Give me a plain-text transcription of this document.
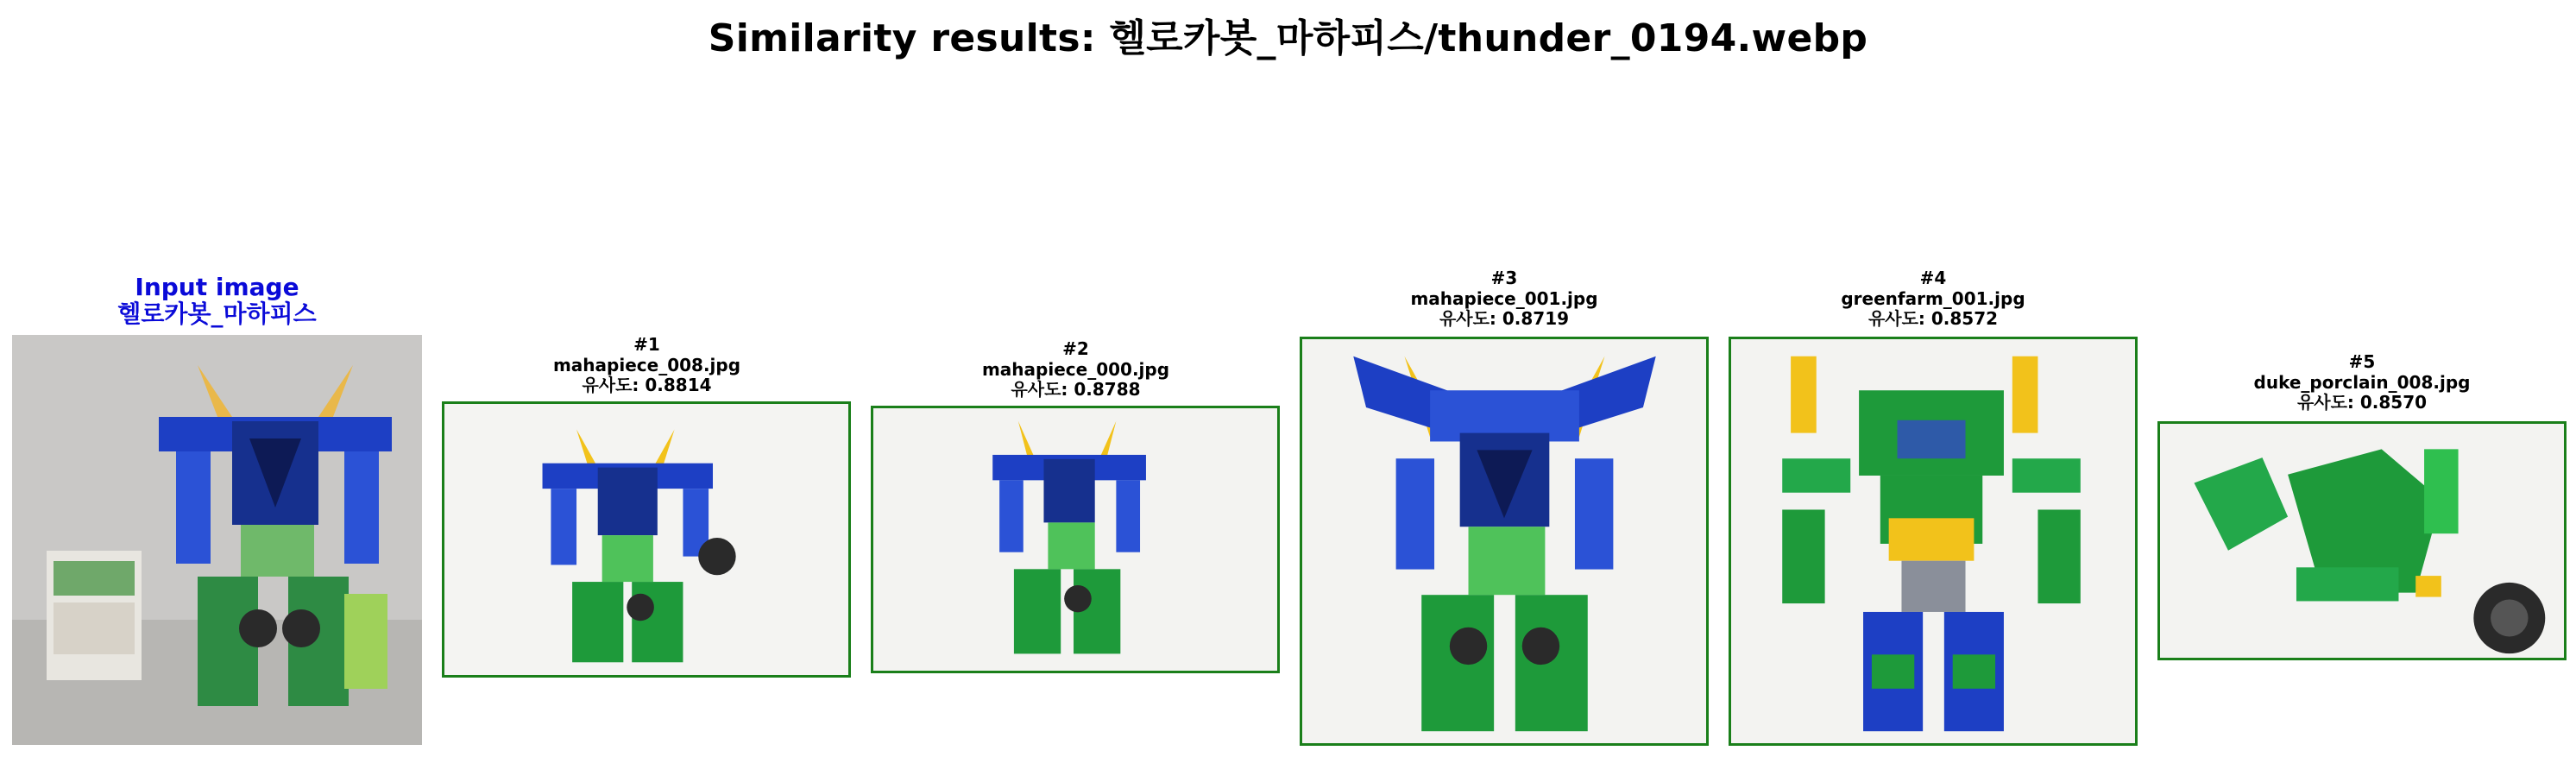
Similarity results: 헬로카봇_마하피스/thunder_0194.webp
Input image
헬로카봇_마하피스
#1
mahapiece_008.jpg
유사도: 0.8814
#2
mahapiece_000.jpg
유사도: 0.8788
#3
mahapiece_001.jpg
유사도: 0.8719
#4
greenfarm_001.jpg
유사도: 0.8572
#5
duke_porclain_008.jpg
유사도: 0.8570
